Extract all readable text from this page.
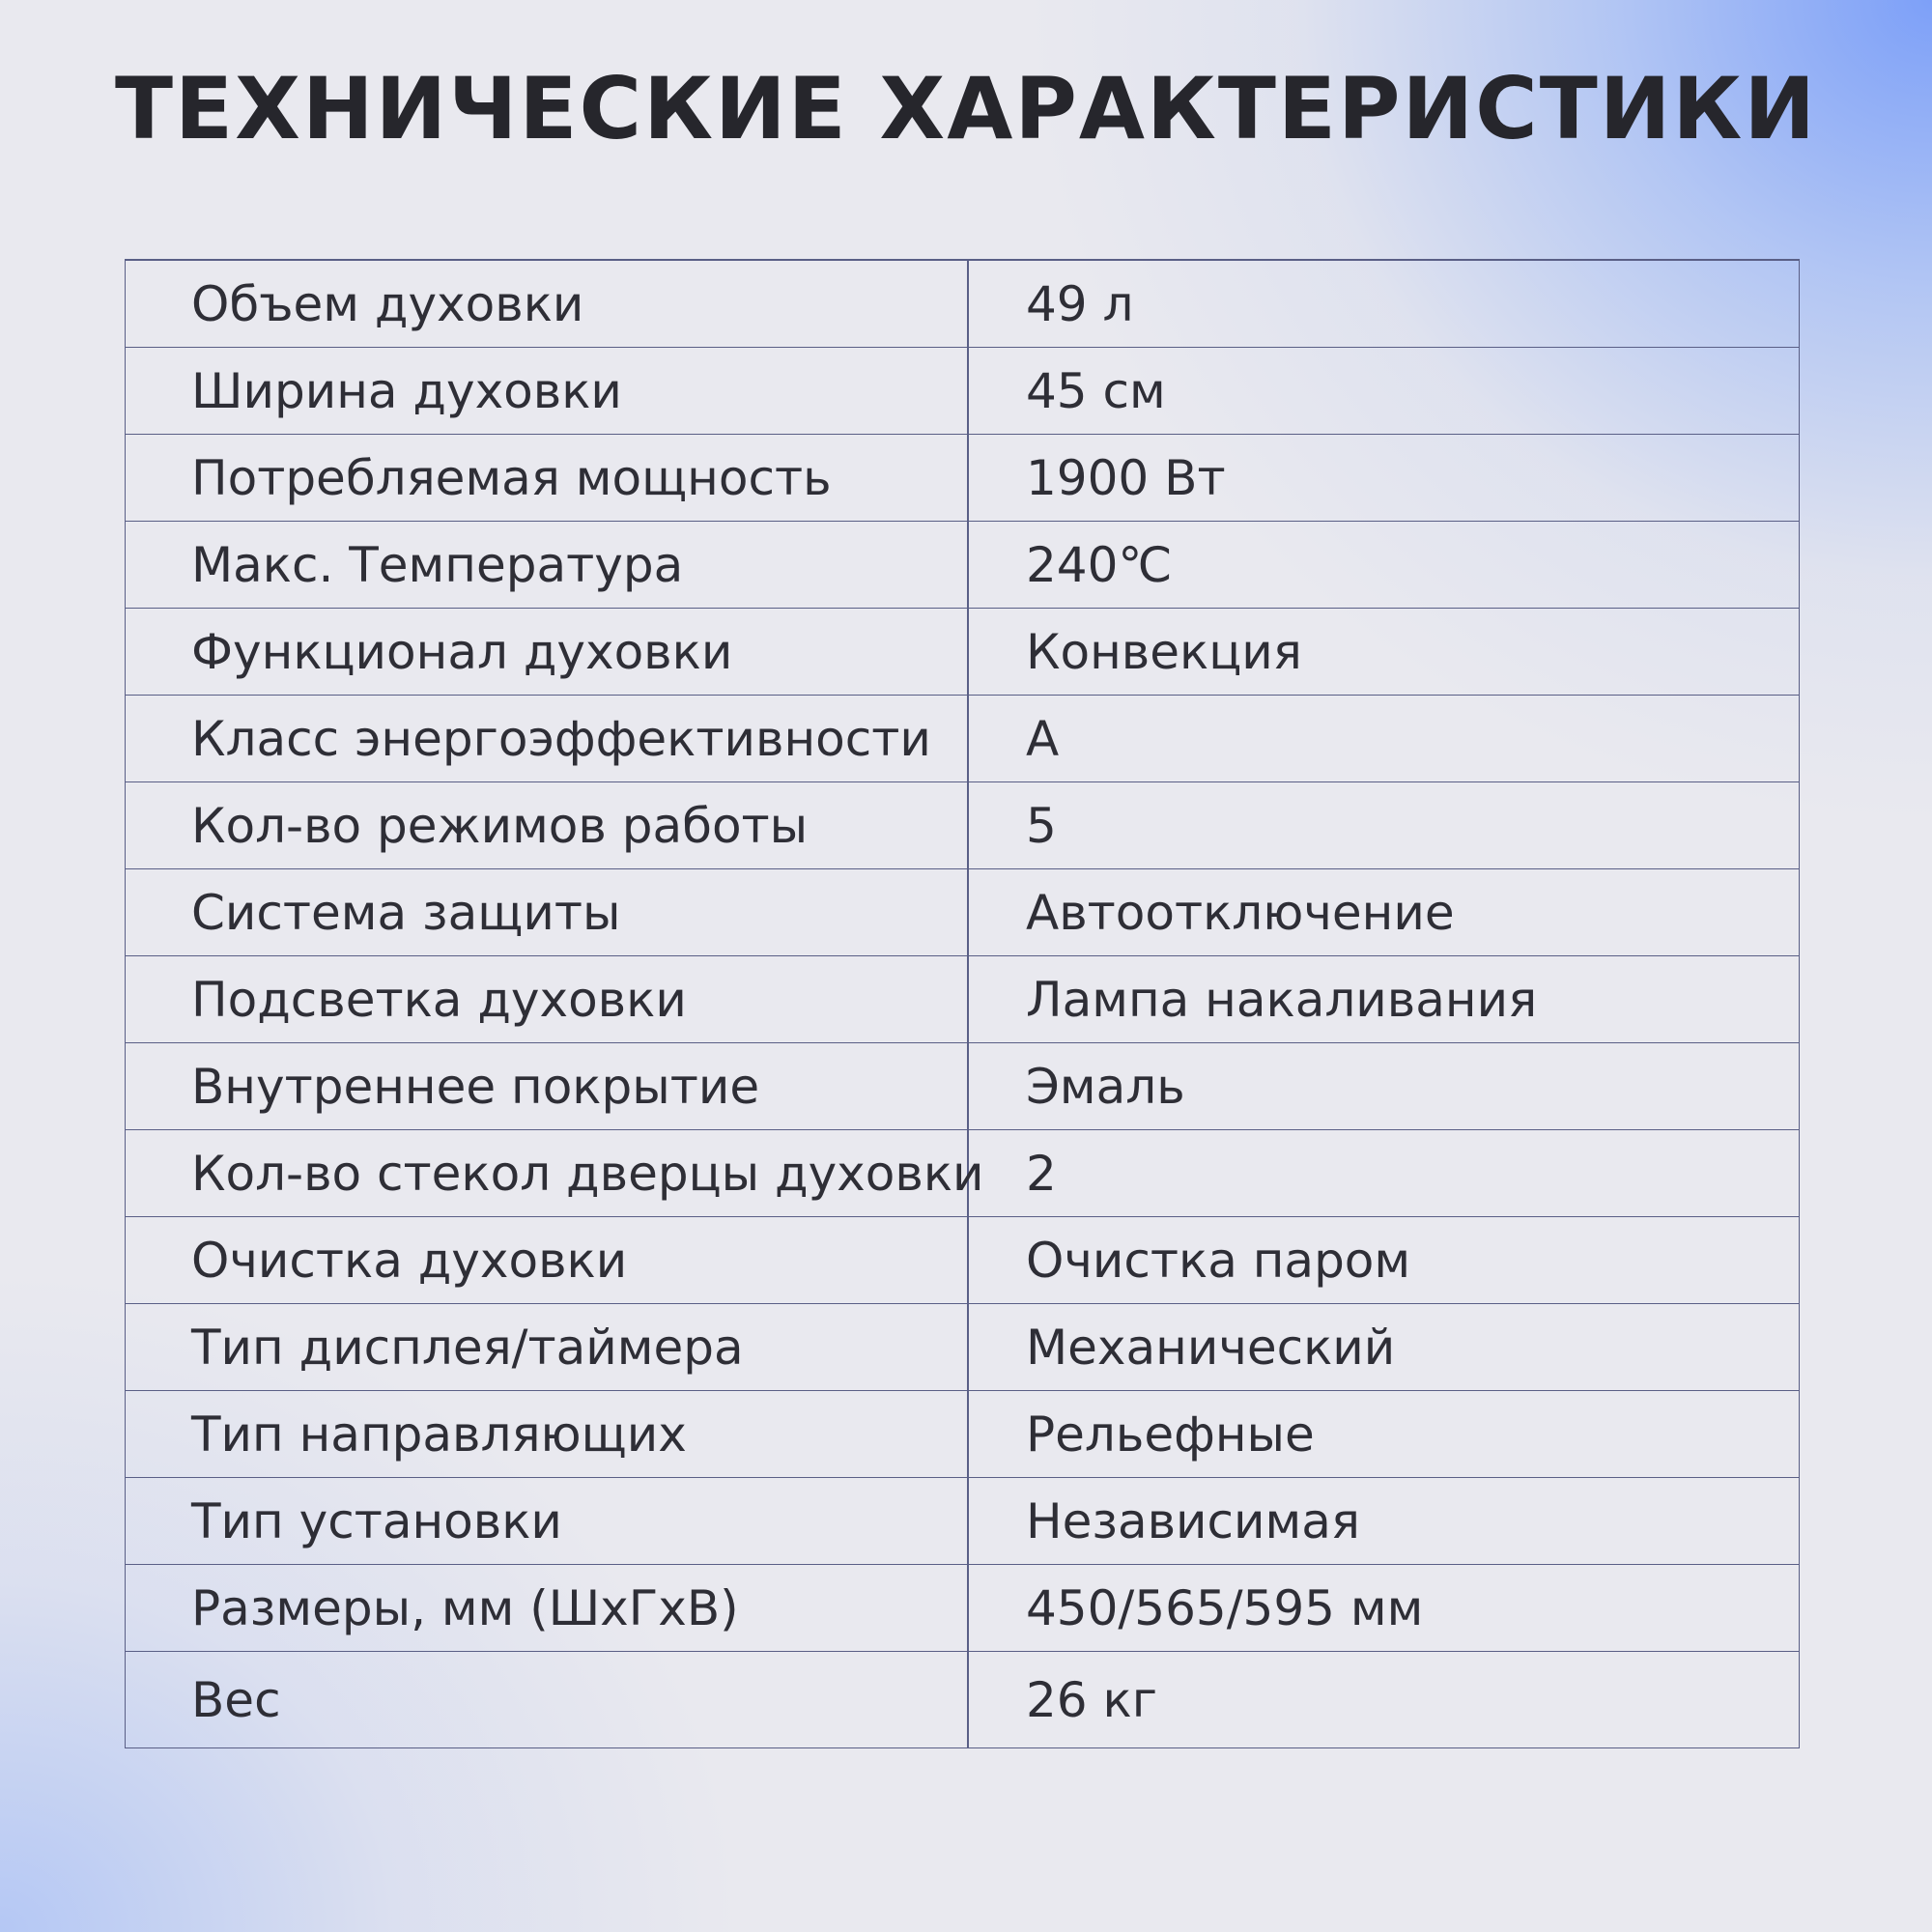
ТЕХНИЧЕСКИЕ ХАРАКТЕРИСТИКИ
Объем духовки	49 л
Ширина духовки	45 см
Потребляемая мощность	1900 Вт
Макс. Температура	240℃
Функционал духовки	Конвекция
Класс энергоэффективности	A
Кол-во режимов работы	5
Система защиты	Автоотключение
Подсветка духовки	Лампа накаливания
Внутреннее покрытие	Эмаль
Кол-во стекол дверцы духовки 2
Очистка духовки	Очистка паром
Тип дисплея/таймера	Механический
Тип направляющих	Рельефные
Тип установки	Независимая
Размеры, мм (ШхГхВ)	450/565/595 мм
Вес	26 кг
